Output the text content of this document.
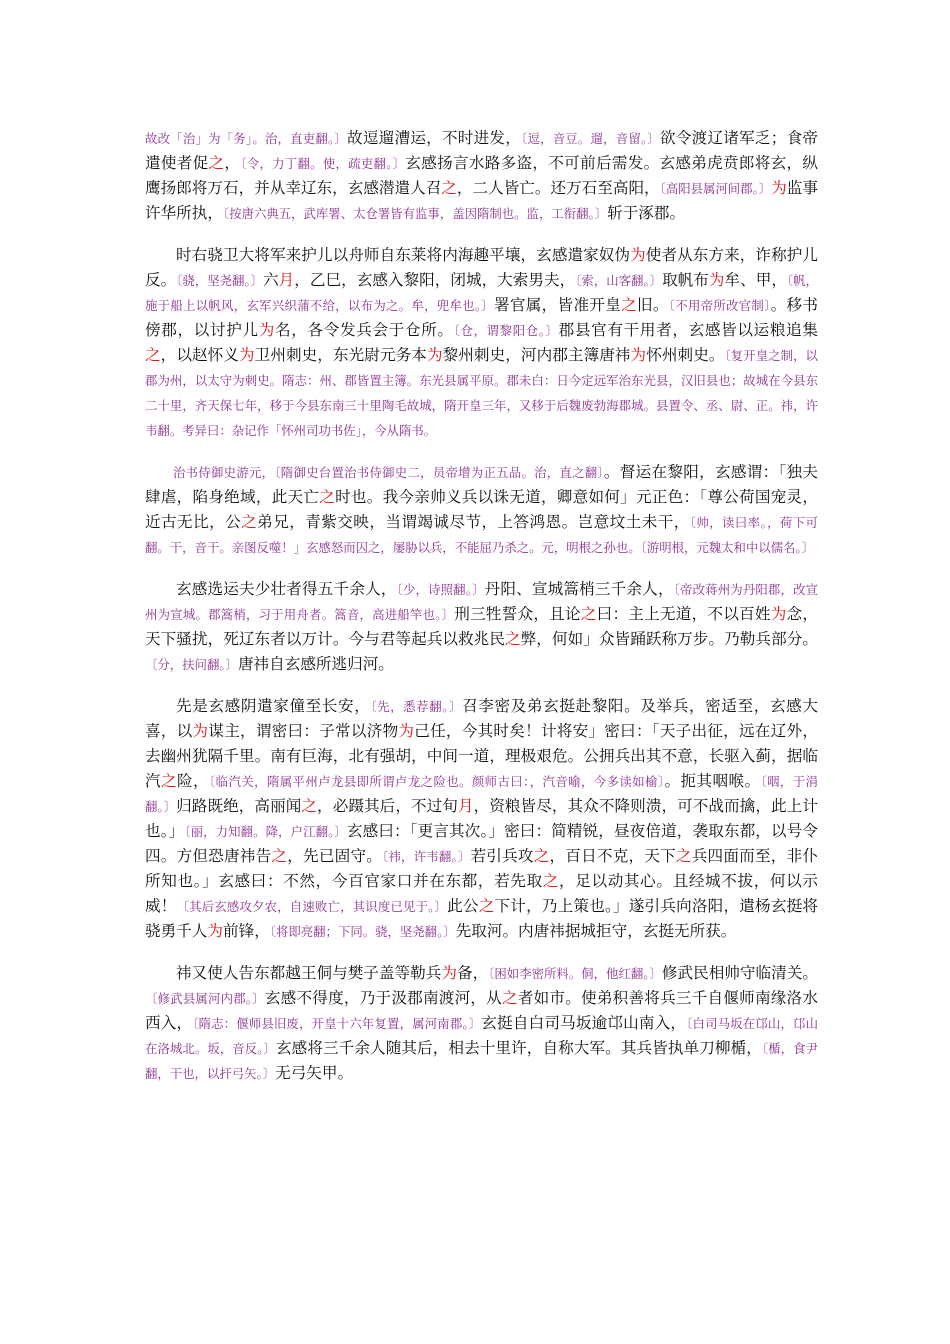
故改「治」为「务」。治，直吏翻。〕故逗遛漕运，不时进发，〔逗，音豆。遛，音留。〕欲令渡辽诸军乏；食帝遣使者促之，〔令，力丁翻。使，疏吏翻。〕玄感扬言水路多盗，不可前后需发。玄感弟虎贲郎将玄，纵鹰扬郎将万石，并从幸辽东，玄感潜遣人召之，二人皆亡。还万石至高阳，〔高阳县属河间郡。〕为监事许华所执，〔按唐六典五，武库署、太仓署皆有监事，盖因隋制也。监，工衔翻。〕斩于涿郡。

时右骁卫大将军来护儿以舟师自东莱将内海趣平壤，玄感遣家奴伪为使者从东方来，诈称护儿反。〔骁，坚尧翻。〕六月，乙巳，玄感入黎阳，闭城，大索男夫，〔索，山客翻。〕取帆布为牟、甲，〔帆，施于船上以帆风，玄军兴织蒲不给，以布为之。牟，兜牟也。〕署官属，皆准开皇之旧。〔不用帝所改官制〕。移书傍郡，以讨护儿为名，各令发兵会于仓所。〔仓，谓黎阳仓。〕郡县官有干用者，玄感皆以运粮追集之，以赵怀义为卫州刺史，东光尉元务本为黎州刺史，河内郡主簿唐祎为怀州刺史。〔复开皇之制，以郡为州，以太守为刺史。隋志：州、郡皆置主簿。东光县属平原。郡未白：日今定远军治东光县，汉旧县也；故城在今县东二十里，齐天保七年，移于今县东南三十里陶毛故城，隋开皇三年，又移于后魏废勃海郡城。县置令、丞、尉、正。祎，许韦翻。考异曰：杂记作「怀州司功书佐」，今从隋书。

治书侍御史游元，〔隋御史台置治书侍御史二，员帝增为正五品。治，直之翻〕。督运在黎阳，玄感谓：「独夫肆虐，陷身绝域，此天亡之时也。我今亲帅义兵以诛无道，卿意如何」元正色：「尊公荷国宠灵，近古无比，公之弟兄，青紫交映，当谓竭诚尽节，上答鸿恩。岂意坟土未干，〔帅，读曰率。，荷下可翻。干，音干。亲图反噬！」玄感怒而囚之，屡胁以兵，不能屈乃杀之。元，明根之孙也。〔游明根，元魏太和中以儒名。〕

玄感选运夫少壮者得五千余人，〔少，诗照翻。〕丹阳、宣城篙梢三千余人，〔帝改蒋州为丹阳郡，改宣州为宣城。郡篙梢，习于用舟者。篙音，高进船竿也。〕刑三牲誓众，且论之曰：主上无道，不以百姓为念，天下骚扰，死辽东者以万计。今与君等起兵以救兆民之弊，何如」众皆踊跃称万步。乃勒兵部分。〔分，扶问翻。〕唐祎自玄感所逃归河。

先是玄感阴遣家僮至长安，〔先，悉荐翻。〕召李密及弟玄挺赴黎阳。及举兵，密适至，玄感大喜，以为谋主，谓密曰：子常以济物为己任，今其时矣！计将安」密曰：「天子出征，远在辽外，去幽州犹隔千里。南有巨海，北有强胡，中间一道，理极艰危。公拥兵出其不意，长驱入蓟，据临汽之险，〔临汽关，隋属平州卢龙县即所谓卢龙之险也。颜师古曰：，汽音喻，今多读如榆〕。扼其咽喉。〔咽，于涓翻。〕归路既绝，高丽闻之，必蹑其后，不过旬月，资粮皆尽，其众不降则溃，可不战而擒，此上计也。」〔丽，力知翻。降，户江翻。〕玄感曰：「更言其次。」密曰：简精锐，昼夜倍道，袭取东都，以号令四。方但恐唐祎告之，先已固守。〔祎，许韦翻。〕若引兵攻之，百日不克，天下之兵四面而至，非仆所知也。」玄感曰：不然，今百官家口并在东都，若先取之，足以动其心。且经城不拔，何以示威！〔其后玄感攻夕农，自速败亡，其识度已见于。〕此公之下计，乃上策也。」遂引兵向洛阳，遣杨玄挺将骁勇千人为前锋，〔将即亮翻；下同。骁，坚尧翻。〕先取河。内唐祎据城拒守，玄挺无所获。

祎又使人告东都越王侗与樊子盖等勒兵为备，〔困如李密所料。侗，他红翻。〕修武民相帅守临清关。〔修武县属河内郡。〕玄感不得度，乃于汲郡南渡河，从之者如市。使弟积善将兵三千自偃师南缘洛水西入，〔隋志：偃师县旧废，开皇十六年复置，属河南郡。〕玄挺自白司马坂逾邙山南入，〔白司马坂在邙山，邙山在洛城北。坂，音反。〕玄感将三千余人随其后，相去十里许，自称大军。其兵皆执单刀柳楯，〔楯，食尹翻，干也，以扞弓矢。〕无弓矢甲。
